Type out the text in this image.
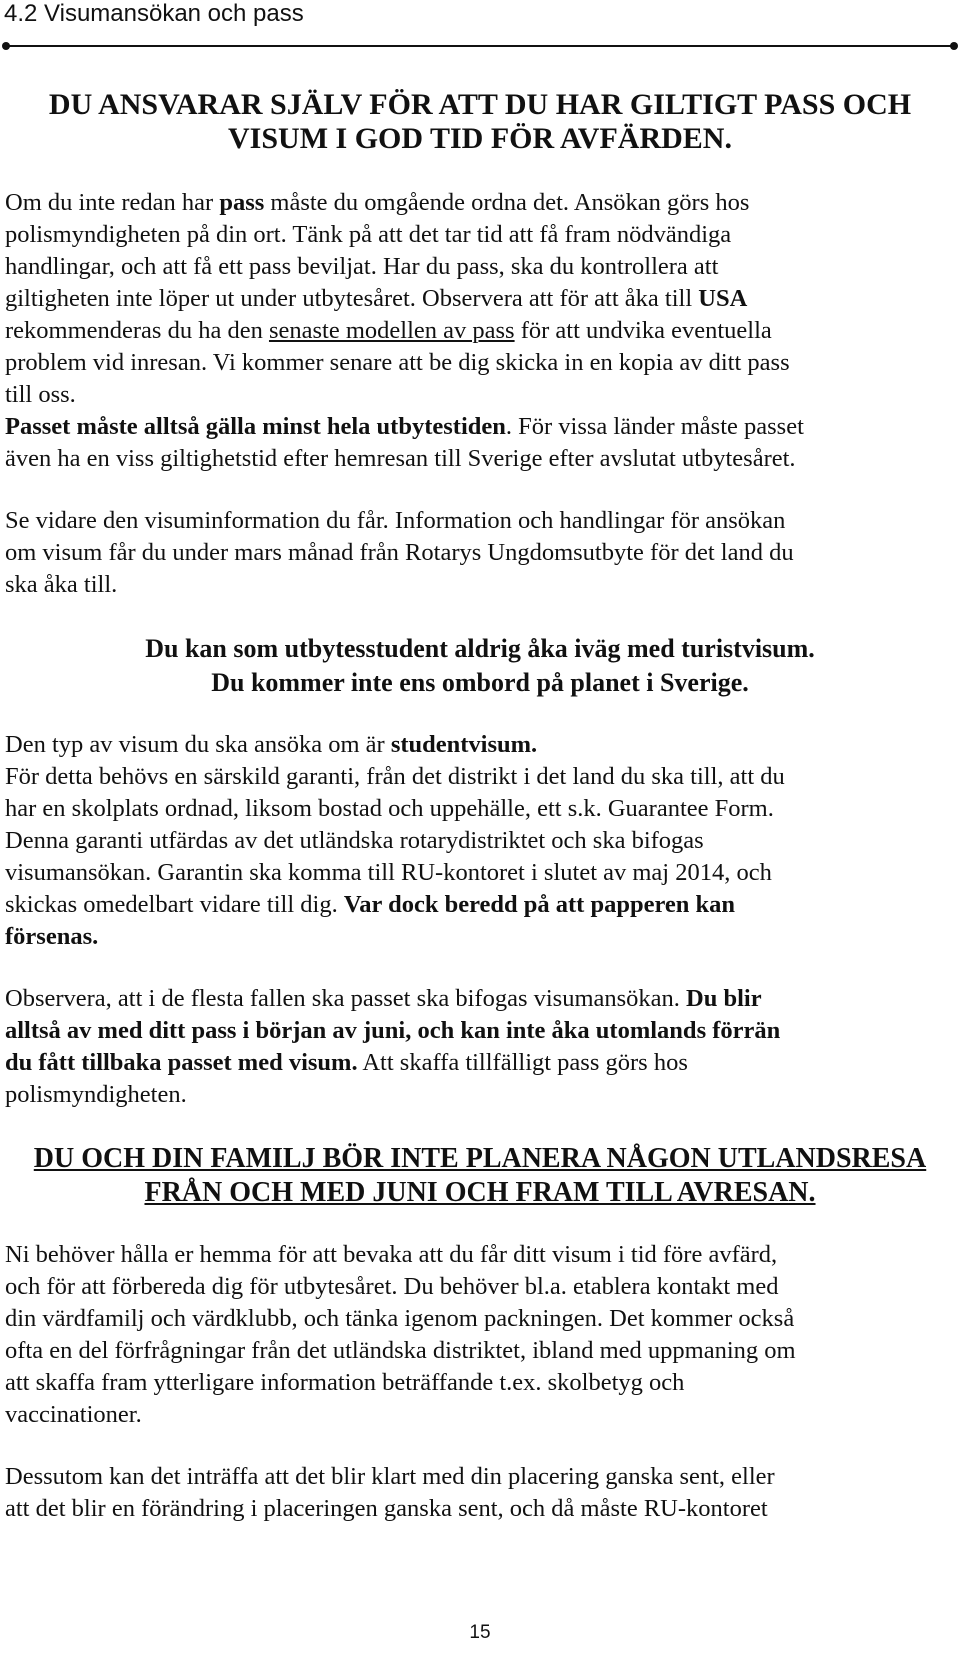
4.2 Visumansökan och pass
DU ANSVARAR SJÄLV FÖR ATT DU HAR GILTIGT PASS OCH
VISUM I GOD TID FÖR AVFÄRDEN.
Om du inte redan har pass måste du omgående ordna det. Ansökan görs hos
polismyndigheten på din ort. Tänk på att det tar tid att få fram nödvändiga
handlingar, och att få ett pass beviljat. Har du pass, ska du kontrollera att
giltigheten inte löper ut under utbytesåret. Observera att för att åka till USA
rekommenderas du ha den senaste modellen av pass för att undvika eventuella
problem vid inresan. Vi kommer senare att be dig skicka in en kopia av ditt pass
till oss.
Passet måste alltså gälla minst hela utbytestiden. För vissa länder måste passet
även ha en viss giltighetstid efter hemresan till Sverige efter avslutat utbytesåret.
Se vidare den visuminformation du får. Information och handlingar för ansökan
om visum får du under mars månad från Rotarys Ungdomsutbyte för det land du
ska åka till.
Du kan som utbytesstudent aldrig åka iväg med turistvisum.
Du kommer inte ens ombord på planet i Sverige.
Den typ av visum du ska ansöka om är studentvisum.
För detta behövs en särskild garanti, från det distrikt i det land du ska till, att du
har en skolplats ordnad, liksom bostad och uppehälle, ett s.k. Guarantee Form.
Denna garanti utfärdas av det utländska rotarydistriktet och ska bifogas
visumansökan. Garantin ska komma till RU-kontoret i slutet av maj 2014, och
skickas omedelbart vidare till dig. Var dock beredd på att papperen kan
försenas.
Observera, att i de flesta fallen ska passet ska bifogas visumansökan. Du blir
alltså av med ditt pass i början av juni, och kan inte åka utomlands förrän
du fått tillbaka passet med visum. Att skaffa tillfälligt pass görs hos
polismyndigheten.
DU OCH DIN FAMILJ BÖR INTE PLANERA NÅGON UTLANDSRESA
FRÅN OCH MED JUNI OCH FRAM TILL AVRESAN.
Ni behöver hålla er hemma för att bevaka att du får ditt visum i tid före avfärd,
och för att förbereda dig för utbytesåret. Du behöver bl.a. etablera kontakt med
din värdfamilj och värdklubb, och tänka igenom packningen. Det kommer också
ofta en del förfrågningar från det utländska distriktet, ibland med uppmaning om
att skaffa fram ytterligare information beträffande t.ex. skolbetyg och
vaccinationer.
Dessutom kan det inträffa att det blir klart med din placering ganska sent, eller
att det blir en förändring i placeringen ganska sent, och då måste RU-kontoret
15
